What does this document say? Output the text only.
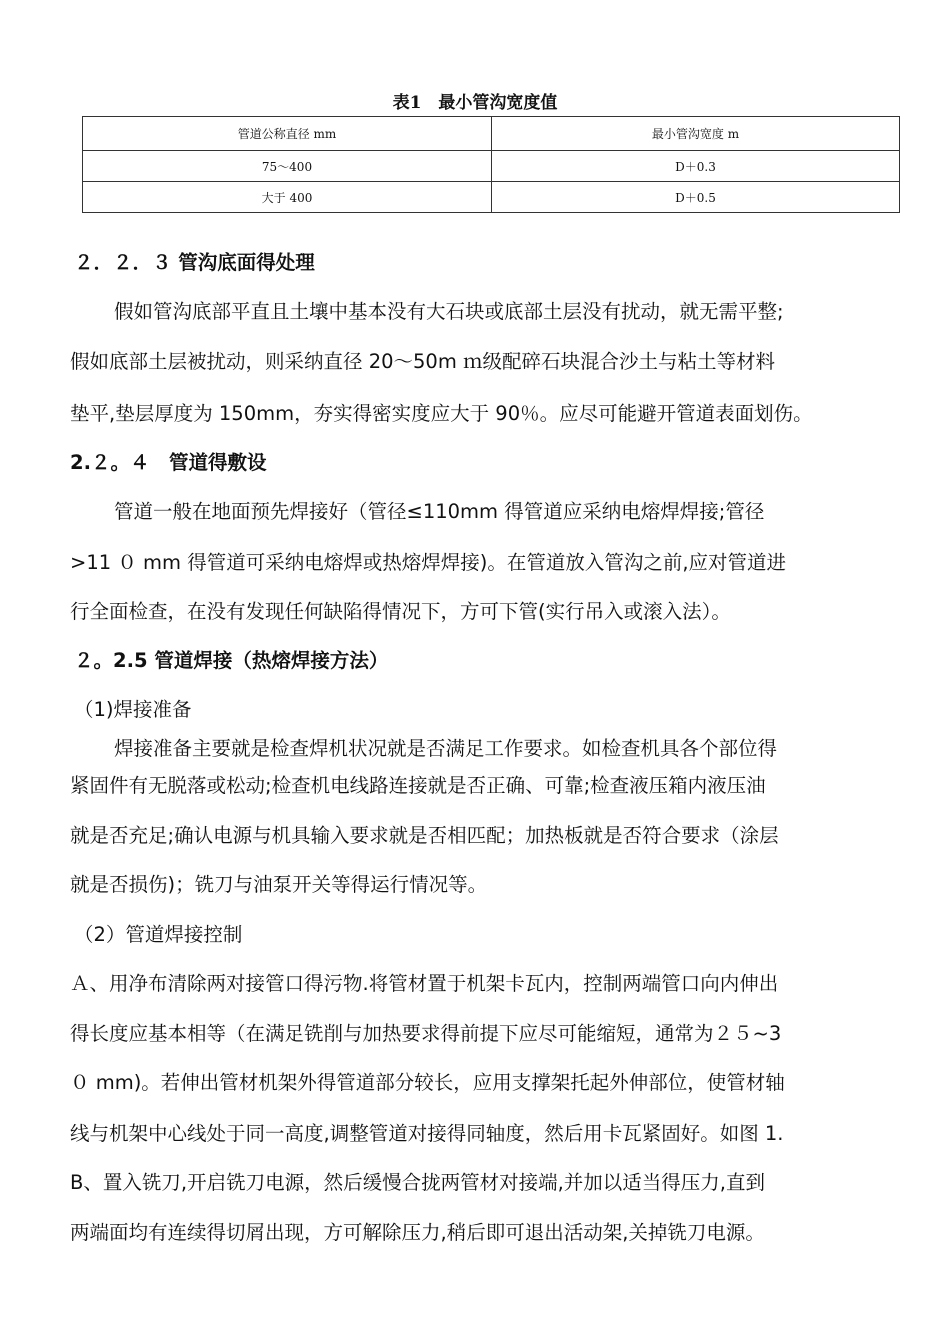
表1　最小管沟宽度值
管道公称直径 mm	最小管沟宽度 m
75～400	D＋0.3
大于 400	D＋0.5
２．２．３ 管沟底面得处理
假如管沟底部平直且土壤中基本没有大石块或底部土层没有扰动，就无需平整;
假如底部土层被扰动，则采纳直径 20～50m ｍ级配碎石块混合沙土与粘土等材料
垫平,垫层厚度为 150mm，夯实得密实度应大于 90％。应尽可能避开管道表面划伤。
2.２。４　管道得敷设
管道一般在地面预先焊接好（管径≤110mm 得管道应采纳电熔焊焊接;管径
>11 ０ mm 得管道可采纳电熔焊或热熔焊焊接)。在管道放入管沟之前,应对管道进
行全面检查，在没有发现任何缺陷得情况下，方可下管(实行吊入或滚入法）。
２。2.5 管道焊接（热熔焊接方法）
（1)焊接准备
焊接准备主要就是检查焊机状况就是否满足工作要求。如检查机具各个部位得
紧固件有无脱落或松动;检查机电线路连接就是否正确、可靠;检查液压箱内液压油
就是否充足;确认电源与机具输入要求就是否相匹配；加热板就是否符合要求（涂层
就是否损伤)；铣刀与油泵开关等得运行情况等。
（2）管道焊接控制
Ａ、用净布清除两对接管口得污物.将管材置于机架卡瓦内，控制两端管口向内伸出
得长度应基本相等（在满足铣削与加热要求得前提下应尽可能缩短，通常为２５~3
０ mm)。若伸出管材机架外得管道部分较长，应用支撑架托起外伸部位，使管材轴
线与机架中心线处于同一高度,调整管道对接得同轴度，然后用卡瓦紧固好。如图 1.
B、置入铣刀,开启铣刀电源，然后缓慢合拢两管材对接端,并加以适当得压力,直到
两端面均有连续得切屑出现，方可解除压力,稍后即可退出活动架,关掉铣刀电源。
